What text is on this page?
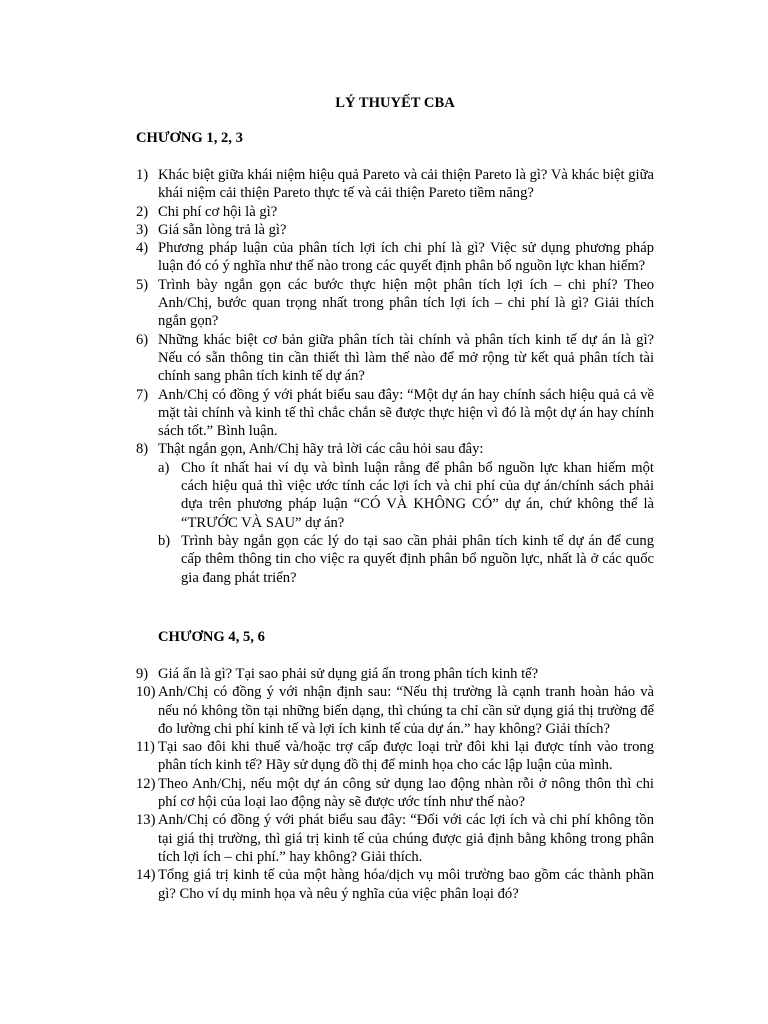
LÝ THUYẾT CBA
CHƯƠNG 1, 2, 3
1) Khác biệt giữa khái niệm hiệu quả Pareto và cải thiện Pareto là gì? Và khác biệt giữa khái niệm cải thiện Pareto thực tế và cải thiện Pareto tiềm năng?
2) Chi phí cơ hội là gì?
3) Giá sẵn lòng trả là gì?
4) Phương pháp luận của phân tích lợi ích chi phí là gì? Việc sử dụng phương pháp luận đó có ý nghĩa như thế nào trong các quyết định phân bổ nguồn lực khan hiếm?
5) Trình bày ngắn gọn các bước thực hiện một phân tích lợi ích – chi phí? Theo Anh/Chị, bước quan trọng nhất trong phân tích lợi ích – chi phí là gì? Giải thích ngắn gọn?
6) Những khác biệt cơ bản giữa phân tích tài chính và phân tích kinh tế dự án là gì? Nếu có sẵn thông tin cần thiết thì làm thế nào để mở rộng từ kết quả phân tích tài chính sang phân tích kinh tế dự án?
7) Anh/Chị có đồng ý với phát biểu sau đây: “Một dự án hay chính sách hiệu quả cả về mặt tài chính và kinh tế thì chắc chắn sẽ được thực hiện vì đó là một dự án hay chính sách tốt.” Bình luận.
8) Thật ngắn gọn, Anh/Chị hãy trả lời các câu hỏi sau đây:
a) Cho ít nhất hai ví dụ và bình luận rằng để phân bổ nguồn lực khan hiếm một cách hiệu quả thì việc ước tính các lợi ích và chi phí của dự án/chính sách phải dựa trên phương pháp luận “CÓ VÀ KHÔNG CÓ” dự án, chứ không thể là “TRƯỚC VÀ SAU” dự án?
b) Trình bày ngắn gọn các lý do tại sao cần phải phân tích kinh tế dự án để cung cấp thêm thông tin cho việc ra quyết định phân bổ nguồn lực, nhất là ở các quốc gia đang phát triển?
CHƯƠNG 4, 5, 6
9) Giá ẩn là gì? Tại sao phải sử dụng giá ẩn trong phân tích kinh tế?
10) Anh/Chị có đồng ý với nhận định sau: “Nếu thị trường là cạnh tranh hoàn hảo và nếu nó không tồn tại những biến dạng, thì chúng ta chỉ cần sử dụng giá thị trường để đo lường chi phí kinh tế và lợi ích kinh tế của dự án.” hay không? Giải thích?
11) Tại sao đôi khi thuế và/hoặc trợ cấp được loại trừ đôi khi lại được tính vào trong phân tích kinh tế? Hãy sử dụng đồ thị để minh họa cho các lập luận của mình.
12) Theo Anh/Chị, nếu một dự án công sử dụng lao động nhàn rỗi ở nông thôn thì chi phí cơ hội của loại lao động này sẽ được ước tính như thế nào?
13) Anh/Chị có đồng ý với phát biểu sau đây: “Đối với các lợi ích và chi phí không tồn tại giá thị trường, thì giá trị kinh tế của chúng được giả định bằng không trong phân tích lợi ích – chi phí.” hay không? Giải thích.
14) Tổng giá trị kinh tế của một hàng hóa/dịch vụ môi trường bao gồm các thành phần gì? Cho ví dụ minh họa và nêu ý nghĩa của việc phân loại đó?
